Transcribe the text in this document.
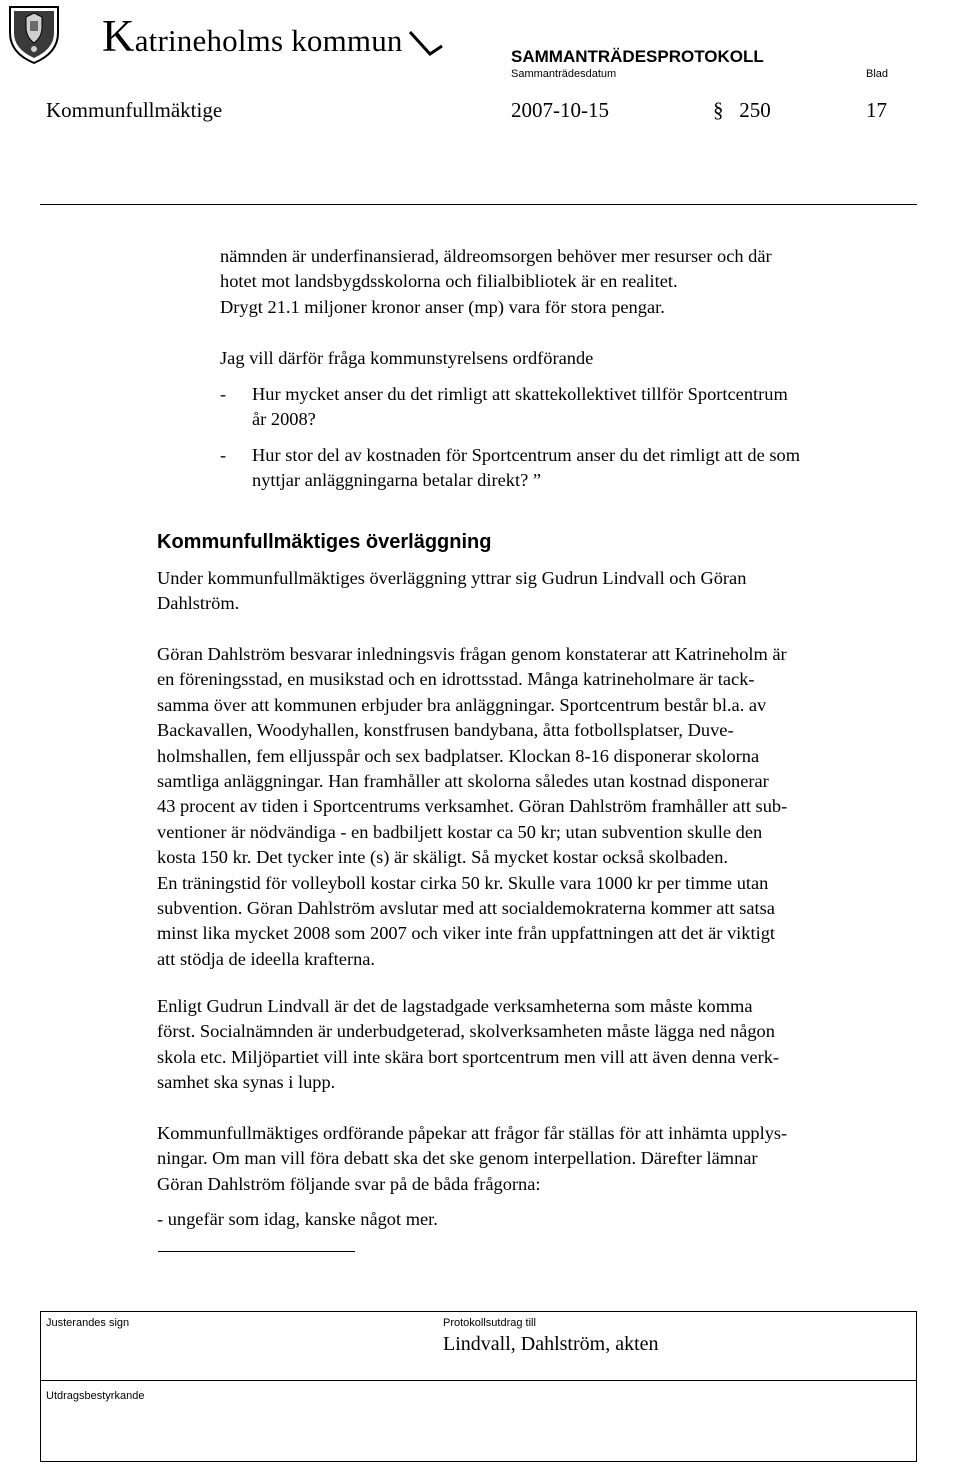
Katrineholms kommun	SAMMANTRÄDESPROTOKOLL
Sammanträdesdatum	Blad
Kommunfullmäktige	2007-10-15	§ 250	17
nämnden är underfinansierad, äldreomsorgen behöver mer resurser och där
hotet mot landsbygdsskolorna och filialbibliotek är en realitet.
Drygt 21.1 miljoner kronor anser (mp) vara för stora pengar.
Jag vill därför fråga kommunstyrelsens ordförande
- Hur mycket anser du det rimligt att skattekollektivet tillför Sportcentrum
år 2008?
- Hur stor del av kostnaden för Sportcentrum anser du det rimligt att de som
nyttjar anläggningarna betalar direkt? ”
Kommunfullmäktiges överläggning
Under kommunfullmäktiges överläggning yttrar sig Gudrun Lindvall och Göran
Dahlström.
Göran Dahlström besvarar inledningsvis frågan genom konstaterar att Katrineholm är
en föreningsstad, en musikstad och en idrottsstad. Många katrineholmare är tack-
samma över att kommunen erbjuder bra anläggningar. Sportcentrum består bl.a. av
Backavallen, Woodyhallen, konstfrusen bandybana, åtta fotbollsplatser, Duve-
holmshallen, fem elljusspår och sex badplatser. Klockan 8-16 disponerar skolorna
samtliga anläggningar. Han framhåller att skolorna således utan kostnad disponerar
43 procent av tiden i Sportcentrums verksamhet. Göran Dahlström framhåller att sub-
ventioner är nödvändiga - en badbiljett kostar ca 50 kr; utan subvention skulle den
kosta 150 kr. Det tycker inte (s) är skäligt. Så mycket kostar också skolbaden.
En träningstid för volleyboll kostar cirka 50 kr. Skulle vara 1000 kr per timme utan
subvention. Göran Dahlström avslutar med att socialdemokraterna kommer att satsa
minst lika mycket 2008 som 2007 och viker inte från uppfattningen att det är viktigt
att stödja de ideella krafterna.
Enligt Gudrun Lindvall är det de lagstadgade verksamheterna som måste komma
först. Socialnämnden är underbudgeterad, skolverksamheten måste lägga ned någon
skola etc. Miljöpartiet vill inte skära bort sportcentrum men vill att även denna verk-
samhet ska synas i lupp.
Kommunfullmäktiges ordförande påpekar att frågor får ställas för att inhämta upplys-
ningar. Om man vill föra debatt ska det ske genom interpellation. Därefter lämnar
Göran Dahlström följande svar på de båda frågorna:
- ungefär som idag, kanske något mer.
Justerandes sign	Protokollsutdrag till
Lindvall, Dahlström, akten
Utdragsbestyrkande
